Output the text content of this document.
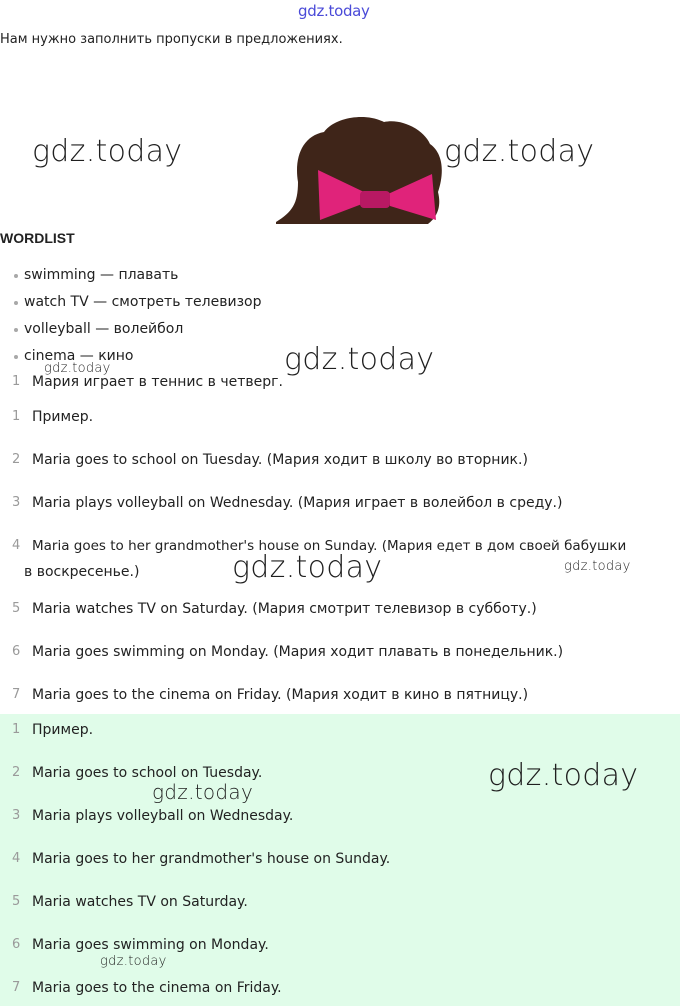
gdz.today
Нам нужно заполнить пропуски в предложениях.
WORDLIST
swimming — плавать
watch TV — смотреть телевизор
volleyball — волейбол
cinema — кино
1 Мария играет в теннис в четверг.
1 Пример.
2 Maria goes to school on Tuesday. (Мария ходит в школу во вторник.)
3 Maria plays volleyball on Wednesday. (Мария играет в волейбол в среду.)
4 Maria goes to her grandmother's house on Sunday. (Мария едет в дом своей бабушки
в воскресенье.)
5 Maria watches TV on Saturday. (Мария смотрит телевизор в субботу.)
6 Maria goes swimming on Monday. (Мария ходит плавать в понедельник.)
7 Maria goes to the cinema on Friday. (Мария ходит в кино в пятницу.)
1 Пример.
2 Maria goes to school on Tuesday.
3 Maria plays volleyball on Wednesday.
4 Maria goes to her grandmother's house on Sunday.
5 Maria watches TV on Saturday.
6 Maria goes swimming on Monday.
7 Maria goes to the cinema on Friday.
gdz.today	gdz.today
gdz.today
gdz.today
gdz.today	gdz.today
gdz.today
gdz.today
gdz.today
